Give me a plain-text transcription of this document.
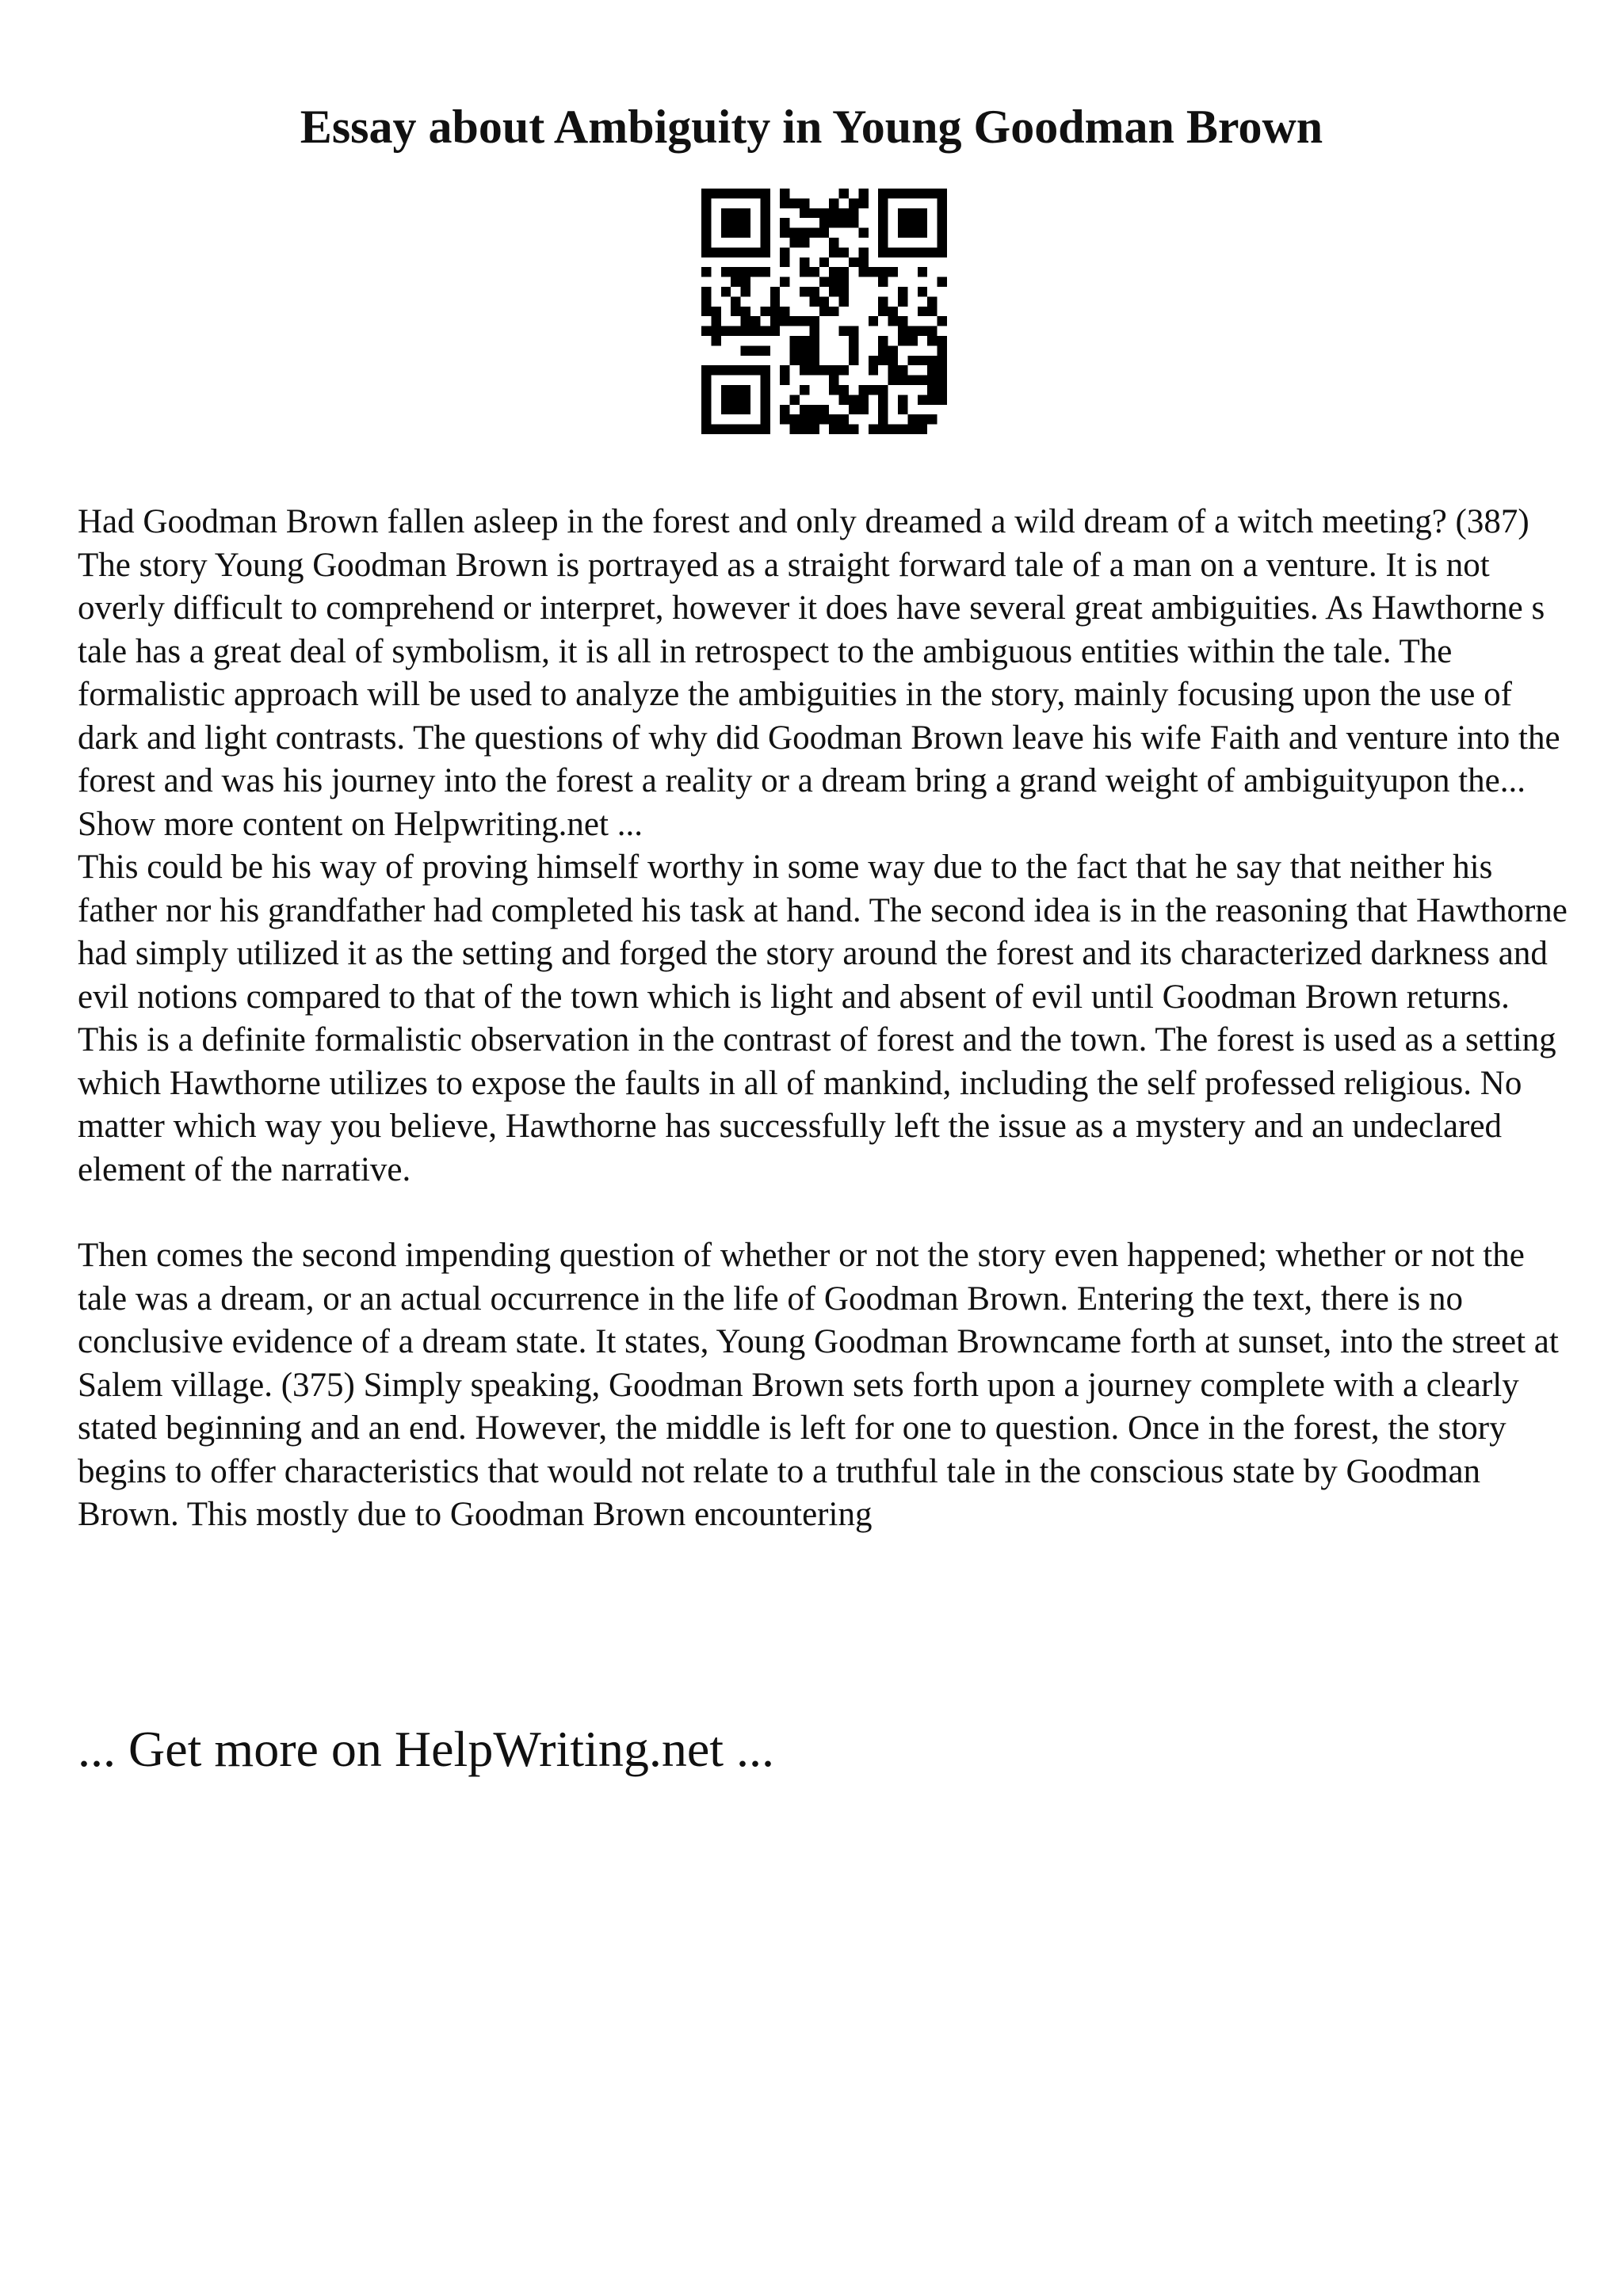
Essay about Ambiguity in Young Goodman Brown

Had Goodman Brown fallen asleep in the forest and only dreamed a wild dream of a witch meeting? (387) The story Young Goodman Brown is portrayed as a straight forward tale of a man on a venture. It is not overly difficult to comprehend or interpret, however it does have several great ambiguities. As Hawthorne s tale has a great deal of symbolism, it is all in retrospect to the ambiguous entities within the tale. The formalistic approach will be used to analyze the ambiguities in the story, mainly focusing upon the use of dark and light contrasts. The questions of why did Goodman Brown leave his wife Faith and venture into the forest and was his journey into the forest a reality or a dream bring a grand weight of ambiguityupon the... Show more content on Helpwriting.net ...

This could be his way of proving himself worthy in some way due to the fact that he say that neither his father nor his grandfather had completed his task at hand. The second idea is in the reasoning that Hawthorne had simply utilized it as the setting and forged the story around the forest and its characterized darkness and evil notions compared to that of the town which is light and absent of evil until Goodman Brown returns. This is a definite formalistic observation in the contrast of forest and the town. The forest is used as a setting which Hawthorne utilizes to expose the faults in all of mankind, including the self professed religious. No matter which way you believe, Hawthorne has successfully left the issue as a mystery and an undeclared element of the narrative.

Then comes the second impending question of whether or not the story even happened; whether or not the tale was a dream, or an actual occurrence in the life of Goodman Brown. Entering the text, there is no conclusive evidence of a dream state. It states, Young Goodman Browncame forth at sunset, into the street at Salem village. (375) Simply speaking, Goodman Brown sets forth upon a journey complete with a clearly stated beginning and an end. However, the middle is left for one to question. Once in the forest, the story begins to offer characteristics that would not relate to a truthful tale in the conscious state by Goodman Brown. This mostly due to Goodman Brown encountering

... Get more on HelpWriting.net ...
